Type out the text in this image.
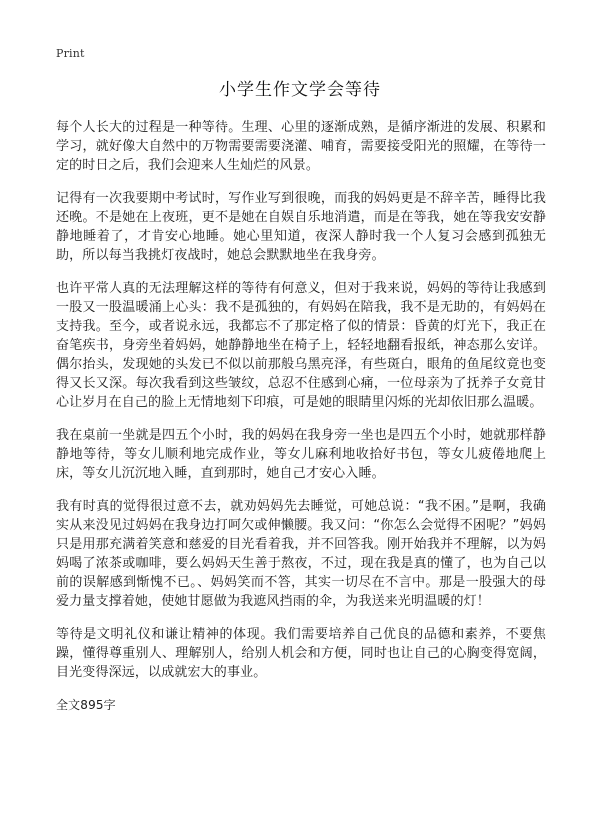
Print
小学生作文学会等待

每个人长大的过程是一种等待。生理、心里的逐渐成熟，是循序渐进的发展、积累和学习，就好像大自然中的万物需要需要浇灌、哺育，需要接受阳光的照耀，在等待一定的时日之后，我们会迎来人生灿烂的风景。

记得有一次我要期中考试时，写作业写到很晚，而我的妈妈更是不辞辛苦，睡得比我还晚。不是她在上夜班，更不是她在自娱自乐地消遣，而是在等我，她在等我安安静静地睡着了，才肯安心地睡。她心里知道，夜深人静时我一个人复习会感到孤独无助，所以每当我挑灯夜战时，她总会默默地坐在我身旁。

也许平常人真的无法理解这样的等待有何意义，但对于我来说，妈妈的等待让我感到一股又一股温暖涌上心头：我不是孤独的，有妈妈在陪我，我不是无助的，有妈妈在支持我。至今，或者说永远，我都忘不了那定格了似的情景：昏黄的灯光下，我正在奋笔疾书，身旁坐着妈妈，她静静地坐在椅子上，轻轻地翻看报纸，神态那么安详。偶尔抬头，发现她的头发已不似以前那般乌黑亮泽，有些斑白，眼角的鱼尾纹竟也变得又长又深。每次我看到这些皱纹，总忍不住感到心痛，一位母亲为了抚养子女竟甘心让岁月在自己的脸上无情地刻下印痕，可是她的眼睛里闪烁的光却依旧那么温暖。

我在桌前一坐就是四五个小时，我的妈妈在我身旁一坐也是四五个小时，她就那样静静地等待，等女儿顺利地完成作业，等女儿麻利地收拾好书包，等女儿疲倦地爬上床，等女儿沉沉地入睡，直到那时，她自己才安心入睡。

我有时真的觉得很过意不去，就劝妈妈先去睡觉，可她总说：“我不困。”是啊，我确实从来没见过妈妈在我身边打呵欠或伸懒腰。我又问：“你怎么会觉得不困呢？”妈妈只是用那充满着笑意和慈爱的目光看着我，并不回答我。刚开始我并不理解，以为妈妈喝了浓茶或咖啡，要么妈妈天生善于熬夜，不过，现在我是真的懂了，也为自己以前的误解感到惭愧不已。、妈妈笑而不答，其实一切尽在不言中。那是一股强大的母爱力量支撑着她，使她甘愿做为我遮风挡雨的伞，为我送来光明温暖的灯！

等待是文明礼仪和谦让精神的体现。我们需要培养自己优良的品德和素养，不要焦躁，懂得尊重别人、理解别人，给别人机会和方便，同时也让自己的心胸变得宽阔，目光变得深远，以成就宏大的事业。

全文895字
